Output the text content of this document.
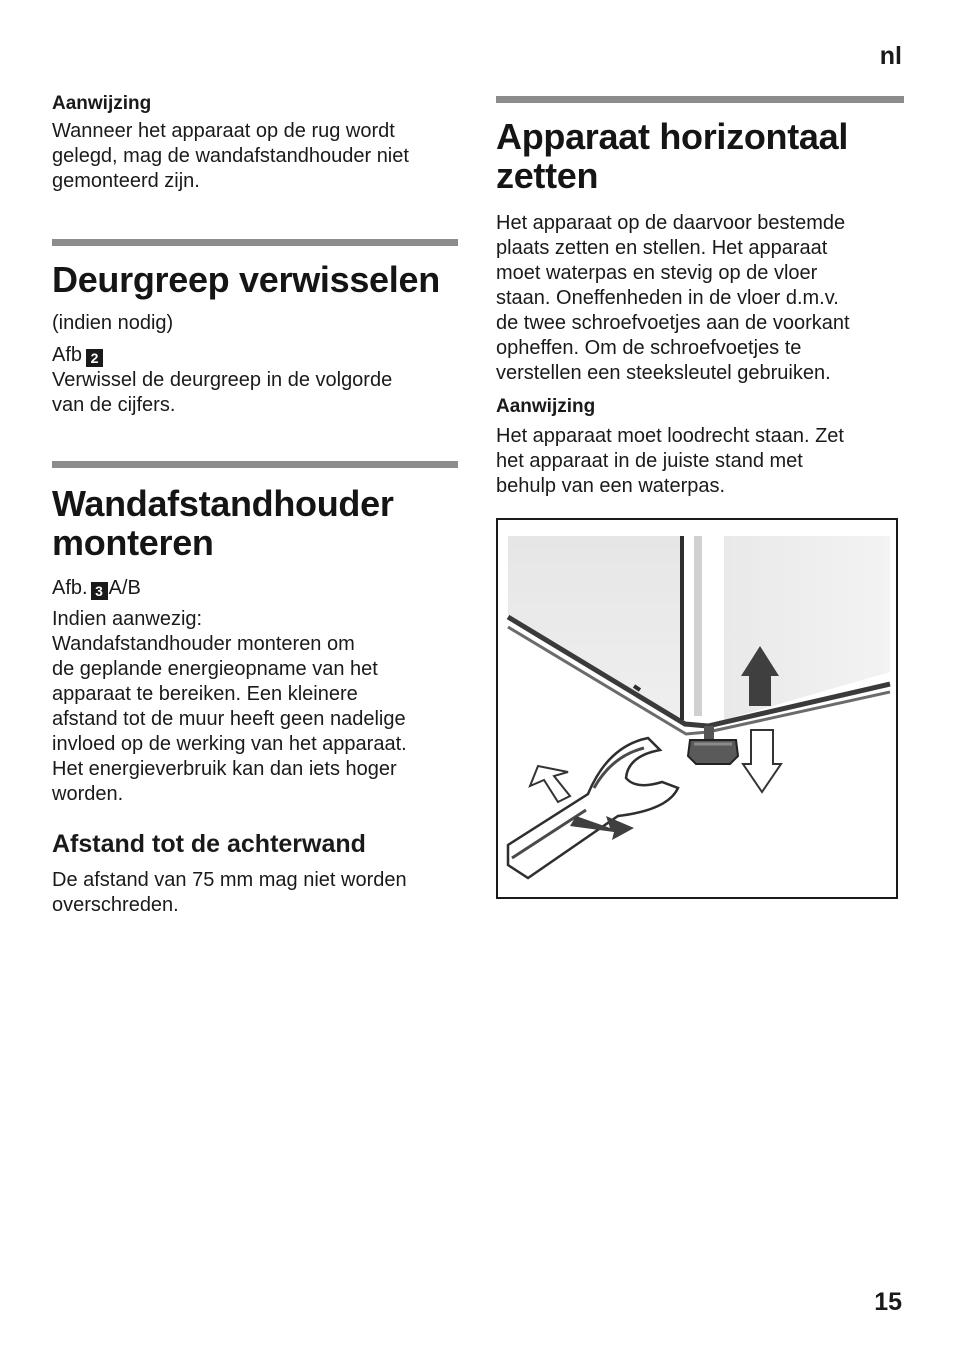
nl
Aanwijzing

Wanneer het apparaat op de rug wordt

gelegd, mag de wandafstandhouder niet

gemonteerd zijn.

Deurgreep verwisselen

(indien nodig)

Afb 2

Verwissel de deurgreep in de volgorde

van de cijfers.

Wandafstandhouder
monteren

Afb. 3 A/B

Indien aanwezig:

Wandafstandhouder monteren om

de geplande energieopname van het

apparaat te bereiken. Een kleinere

afstand tot de muur heeft geen nadelige

invloed op de werking van het apparaat.

Het energieverbruik kan dan iets hoger

worden.

Afstand tot de achterwand

De afstand van 75 mm mag niet worden

overschreden.

Apparaat horizontaal
zetten

Het apparaat op de daarvoor bestemde

plaats zetten en stellen. Het apparaat

moet waterpas en stevig op de vloer

staan. Oneffenheden in de vloer d.m.v.

de twee schroefvoetjes aan de voorkant

opheffen. Om de schroefvoetjes te

verstellen een steeksleutel gebruiken.

Aanwijzing

Het apparaat moet loodrecht staan. Zet

het apparaat in de juiste stand met

behulp van een waterpas.

15
